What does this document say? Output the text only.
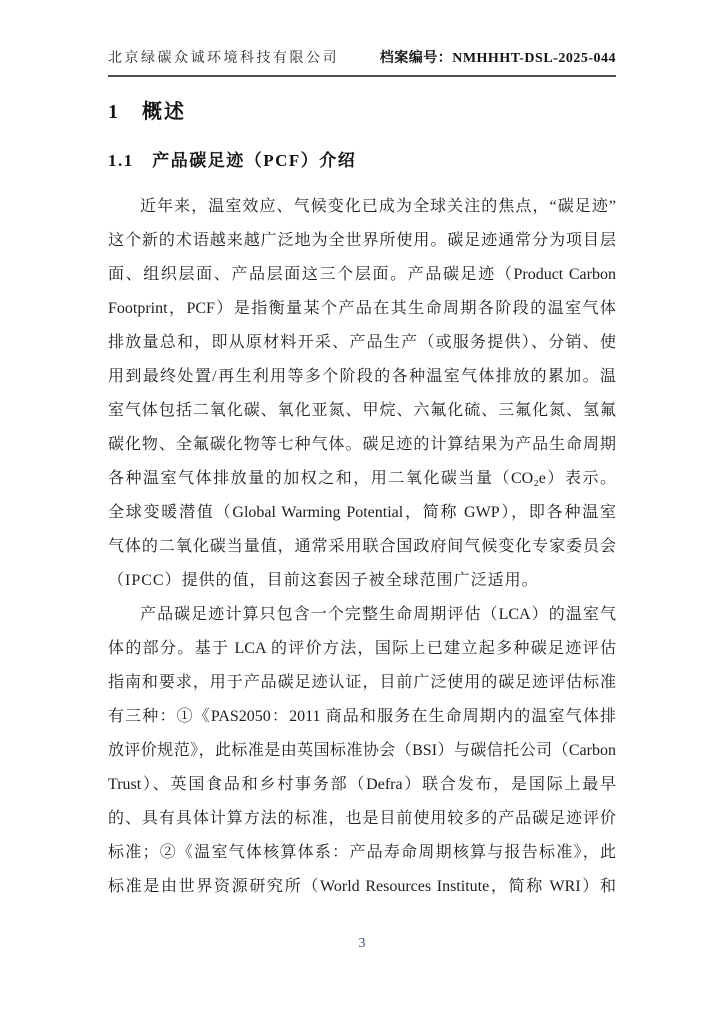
北京绿碳众诚环境科技有限公司	档案编号：NMHHHT-DSL-2025-044
1　概述
1.1　产品碳足迹（PCF）介绍
近年来，温室效应、气候变化已成为全球关注的焦点，“碳足迹”
这个新的术语越来越广泛地为全世界所使用。碳足迹通常分为项目层
面、组织层面、产品层面这三个层面。产品碳足迹（Product Carbon
Footprint，PCF）是指衡量某个产品在其生命周期各阶段的温室气体
排放量总和，即从原材料开采、产品生产（或服务提供）、分销、使
用到最终处置/再生利用等多个阶段的各种温室气体排放的累加。温
室气体包括二氧化碳、氧化亚氮、甲烷、六氟化硫、三氟化氮、氢氟
碳化物、全氟碳化物等七种气体。碳足迹的计算结果为产品生命周期
各种温室气体排放量的加权之和，用二氧化碳当量（CO₂e）表示。
全球变暖潜值（Global Warming Potential，简称 GWP），即各种温室
气体的二氧化碳当量值，通常采用联合国政府间气候变化专家委员会
（IPCC）提供的值，目前这套因子被全球范围广泛适用。
产品碳足迹计算只包含一个完整生命周期评估（LCA）的温室气
体的部分。基于 LCA 的评价方法，国际上已建立起多种碳足迹评估
指南和要求，用于产品碳足迹认证，目前广泛使用的碳足迹评估标准
有三种：①《PAS2050：2011 商品和服务在生命周期内的温室气体排
放评价规范》，此标准是由英国标准协会（BSI）与碳信托公司（Carbon
Trust）、英国食品和乡村事务部（Defra）联合发布，是国际上最早
的、具有具体计算方法的标准，也是目前使用较多的产品碳足迹评价
标准；②《温室气体核算体系：产品寿命周期核算与报告标准》，此
标准是由世界资源研究所（World Resources Institute，简称 WRI）和
3
